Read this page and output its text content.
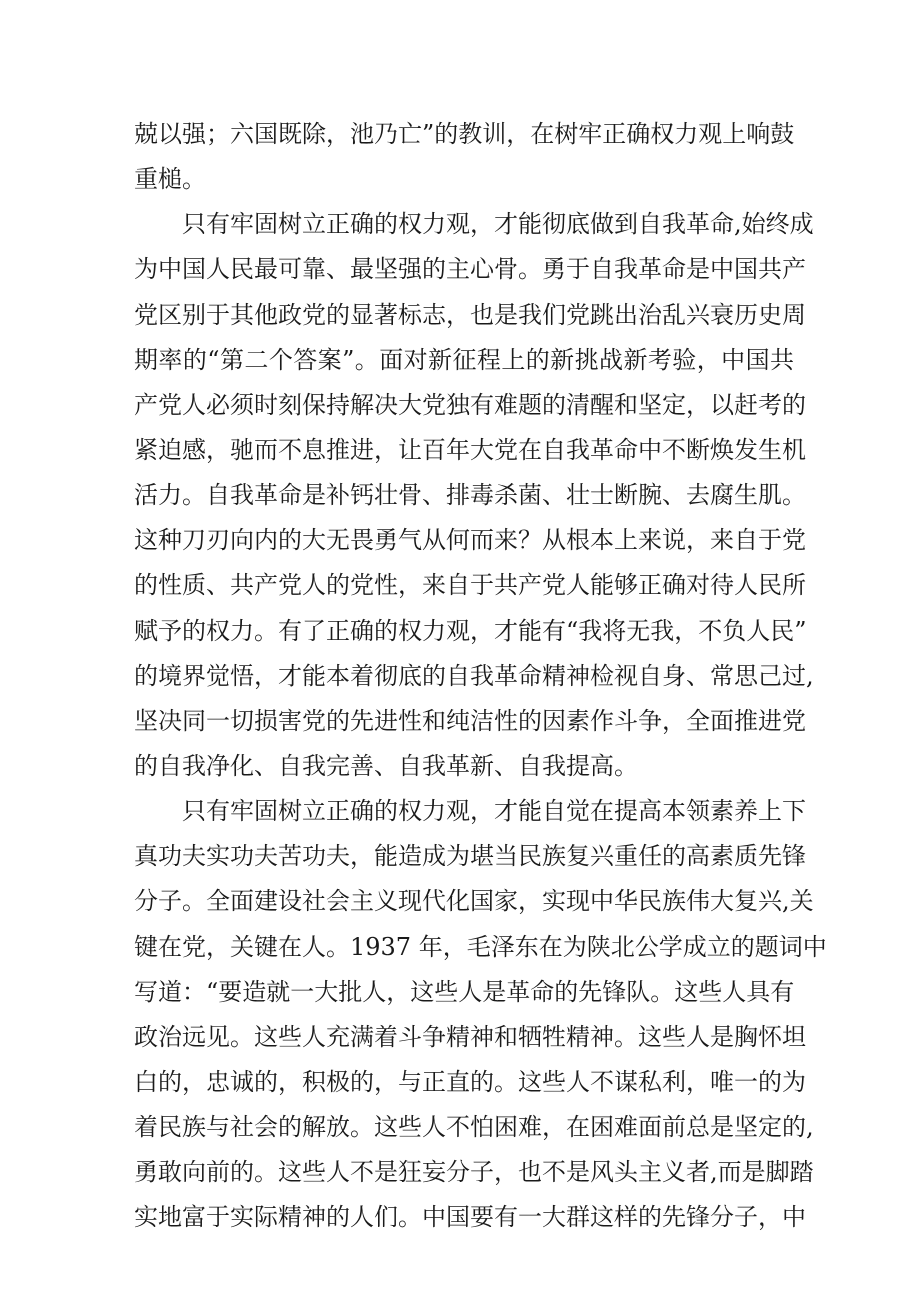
兢以强；六国既除，池乃亡”的教训，在树牢正确权力观上响鼓
重槌。
只有牢固树立正确的权力观，才能彻底做到自我革命,始终成
为中国人民最可靠、最坚强的主心骨。勇于自我革命是中国共产
党区别于其他政党的显著标志，也是我们党跳出治乱兴衰历史周
期率的“第二个答案”。面对新征程上的新挑战新考验，中国共
产党人必须时刻保持解决大党独有难题的清醒和坚定，以赶考的
紧迫感，驰而不息推进，让百年大党在自我革命中不断焕发生机
活力。自我革命是补钙壮骨、排毒杀菌、壮士断腕、去腐生肌。
这种刀刃向内的大无畏勇气从何而来？从根本上来说，来自于党
的性质、共产党人的党性，来自于共产党人能够正确对待人民所
赋予的权力。有了正确的权力观，才能有“我将无我，不负人民”
的境界觉悟，才能本着彻底的自我革命精神检视自身、常思己过,
坚决同一切损害党的先进性和纯洁性的因素作斗争，全面推进党
的自我净化、自我完善、自我革新、自我提高。
只有牢固树立正确的权力观，才能自觉在提高本领素养上下
真功夫实功夫苦功夫，能造成为堪当民族复兴重任的高素质先锋
分子。全面建设社会主义现代化国家，实现中华民族伟大复兴,关
键在党，关键在人。1937 年，毛泽东在为陕北公学成立的题词中
写道：“要造就一大批人，这些人是革命的先锋队。这些人具有
政治远见。这些人充满着斗争精神和牺牲精神。这些人是胸怀坦
白的，忠诚的，积极的，与正直的。这些人不谋私利，唯一的为
着民族与社会的解放。这些人不怕困难，在困难面前总是坚定的,
勇敢向前的。这些人不是狂妄分子，也不是风头主义者,而是脚踏
实地富于实际精神的人们。中国要有一大群这样的先锋分子，中
